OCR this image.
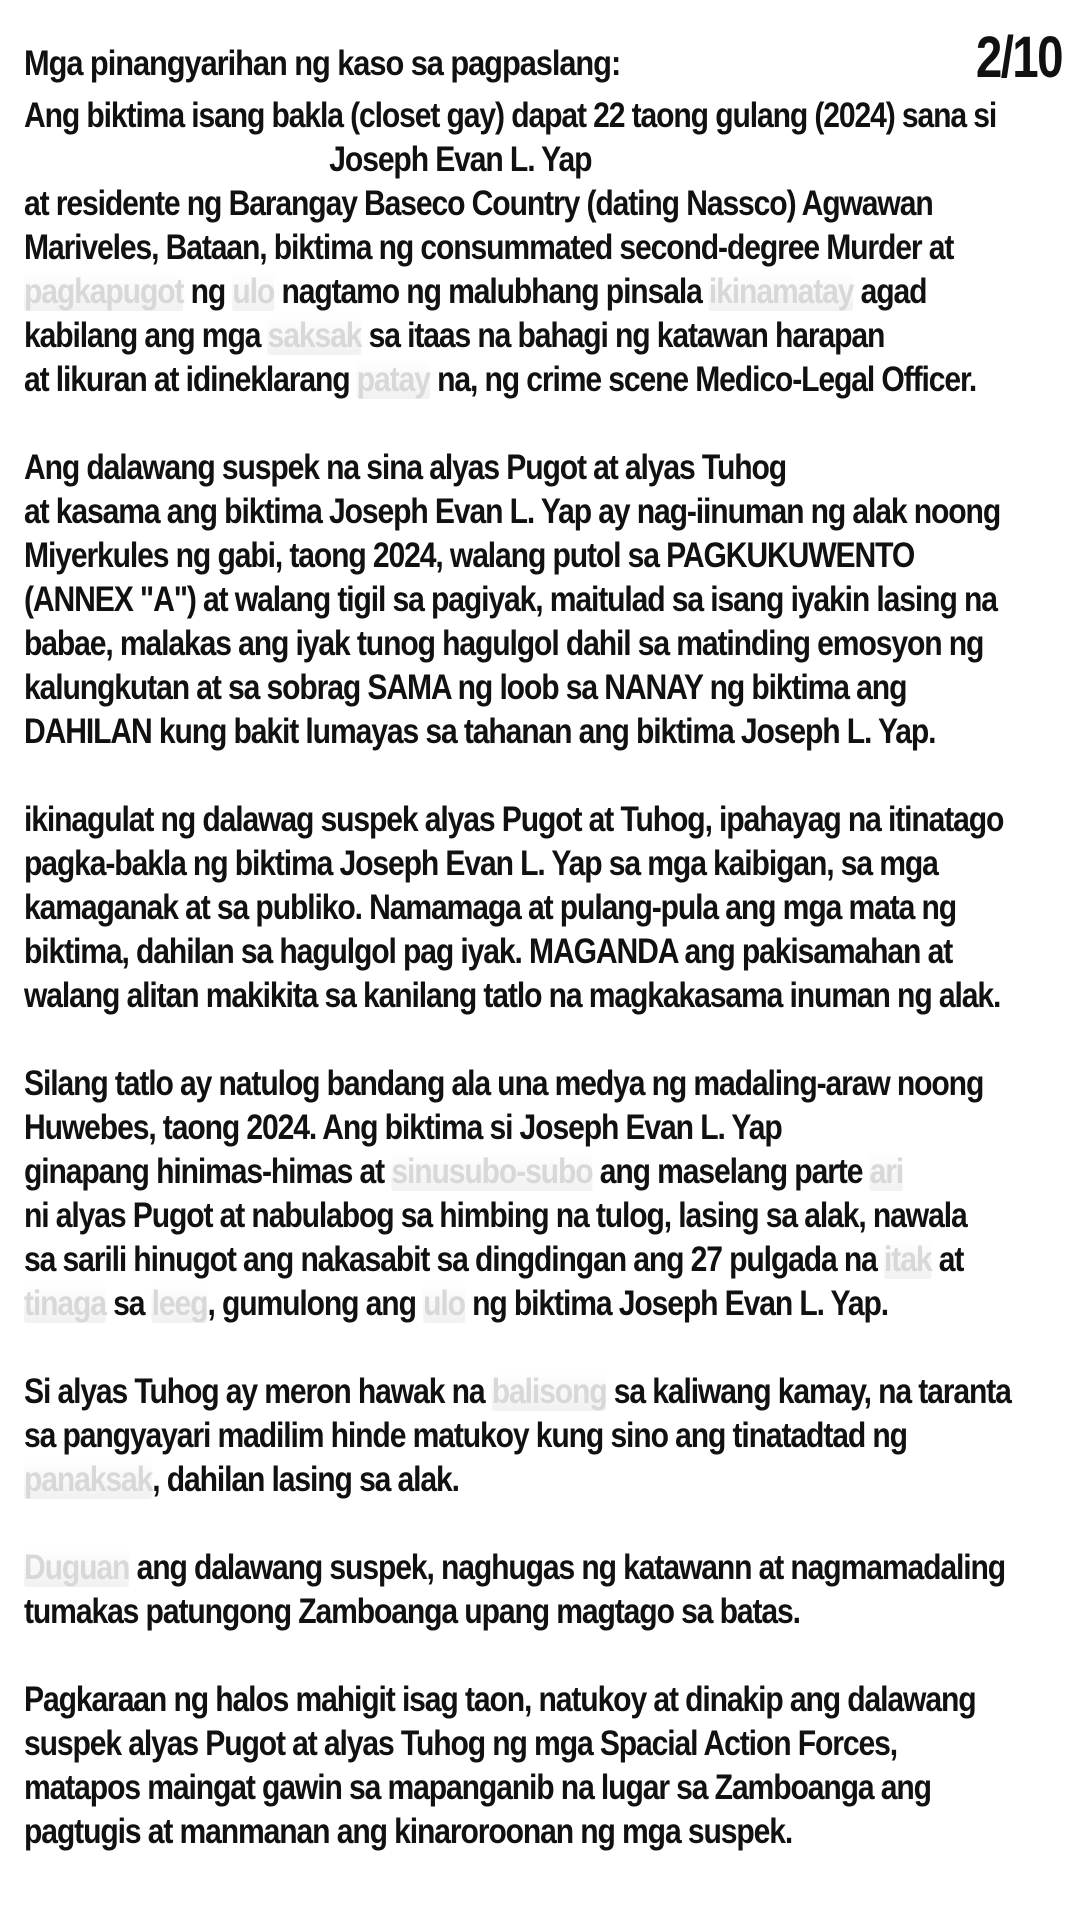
Mga pinangyarihan ng kaso sa pagpaslang:	2/10
Ang biktima isang bakla (closet gay) dapat 22 taong gulang (2024) sana si
Joseph Evan L. Yap
at residente ng Barangay Baseco Country (dating Nassco) Agwawan
Mariveles, Bataan, biktima ng consummated second-degree Murder at
pagkapugot ng ulo nagtamo ng malubhang pinsala ikinamatay agad
kabilang ang mga saksak sa itaas na bahagi ng katawan harapan
at likuran at idineklarang patay na, ng crime scene Medico-Legal Officer.
Ang dalawang suspek na sina alyas Pugot at alyas Tuhog
at kasama ang biktima Joseph Evan L. Yap ay nag-iinuman ng alak noong
Miyerkules ng gabi, taong 2024, walang putol sa PAGKUKUWENTO
(ANNEX "A") at walang tigil sa pagiyak, maitulad sa isang iyakin lasing na
babae, malakas ang iyak tunog hagulgol dahil sa matinding emosyon ng
kalungkutan at sa sobrag SAMA ng loob sa NANAY ng biktima ang
DAHILAN kung bakit lumayas sa tahanan ang biktima Joseph L. Yap.
ikinagulat ng dalawag suspek alyas Pugot at Tuhog, ipahayag na itinatago
pagka-bakla ng biktima Joseph Evan L. Yap sa mga kaibigan, sa mga
kamaganak at sa publiko. Namamaga at pulang-pula ang mga mata ng
biktima, dahilan sa hagulgol pag iyak. MAGANDA ang pakisamahan at
walang alitan makikita sa kanilang tatlo na magkakasama inuman ng alak.
Silang tatlo ay natulog bandang ala una medya ng madaling-araw noong
Huwebes, taong 2024. Ang biktima si Joseph Evan L. Yap
ginapang hinimas-himas at sinusubo-subo ang maselang parte ari
ni alyas Pugot at nabulabog sa himbing na tulog, lasing sa alak, nawala
sa sarili hinugot ang nakasabit sa dingdingan ang 27 pulgada na itak at
tinaga sa leeg, gumulong ang ulo ng biktima Joseph Evan L. Yap.
Si alyas Tuhog ay meron hawak na balisong sa kaliwang kamay, na taranta
sa pangyayari madilim hinde matukoy kung sino ang tinatadtad ng
panaksak, dahilan lasing sa alak.
Duguan ang dalawang suspek, naghugas ng katawann at nagmamadaling
tumakas patungong Zamboanga upang magtago sa batas.
Pagkaraan ng halos mahigit isag taon, natukoy at dinakip ang dalawang
suspek alyas Pugot at alyas Tuhog ng mga Spacial Action Forces,
matapos maingat gawin sa mapanganib na lugar sa Zamboanga ang
pagtugis at manmanan ang kinaroroonan ng mga suspek.
